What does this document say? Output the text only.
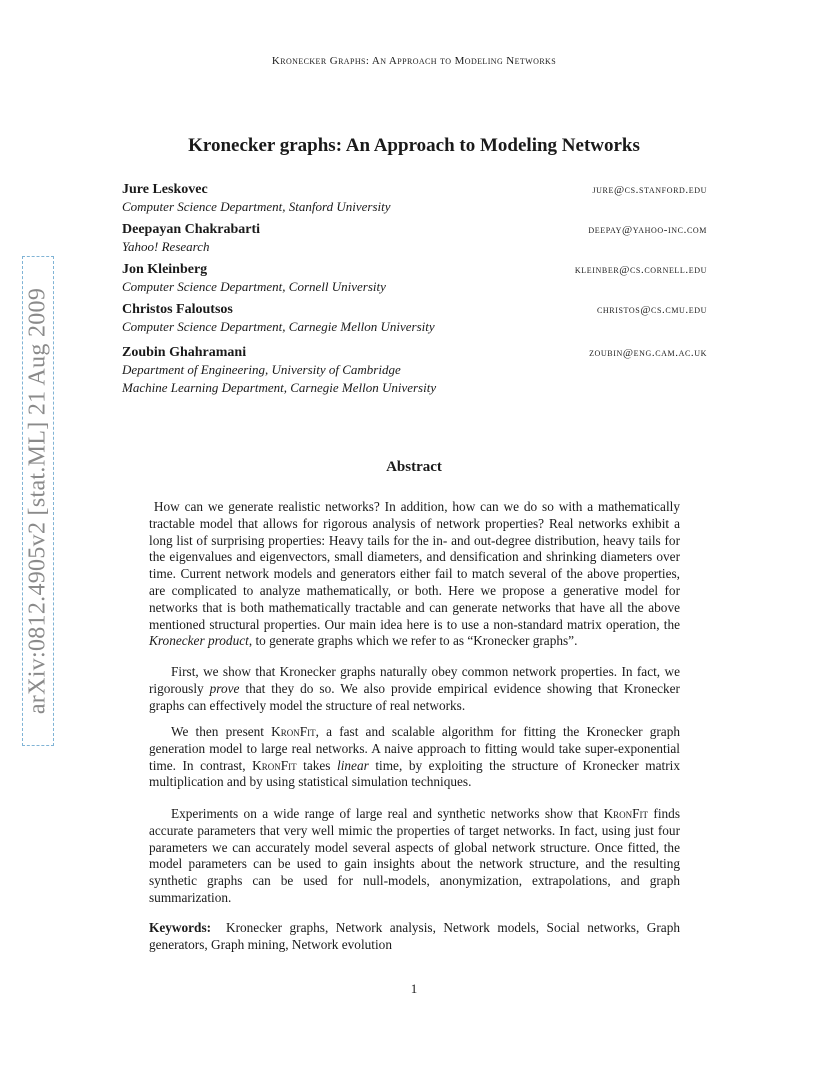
Kronecker Graphs: An Approach to Modeling Networks
arXiv:0812.4905v2 [stat.ML] 21 Aug 2009
Kronecker graphs: An Approach to Modeling Networks
Jure Leskovec	jure@cs.stanford.edu
Computer Science Department, Stanford University
Deepayan Chakrabarti	deepay@yahoo-inc.com
Yahoo! Research
Jon Kleinberg	kleinber@cs.cornell.edu
Computer Science Department, Cornell University
Christos Faloutsos	christos@cs.cmu.edu
Computer Science Department, Carnegie Mellon University
Zoubin Ghahramani	zoubin@eng.cam.ac.uk
Department of Engineering, University of Cambridge
Machine Learning Department, Carnegie Mellon University
Abstract

How can we generate realistic networks? In addition, how can we do so with a mathematically tractable model that allows for rigorous analysis of network properties? Real networks exhibit a long list of surprising properties: Heavy tails for the in- and out-degree distribution, heavy tails for the eigenvalues and eigenvectors, small diameters, and densification and shrinking diameters over time. Current network models and generators either fail to match several of the above properties, are complicated to analyze mathematically, or both. Here we propose a generative model for networks that is both mathematically tractable and can generate networks that have all the above mentioned structural properties. Our main idea here is to use a non-standard matrix operation, the Kronecker product, to generate graphs which we refer to as “Kronecker graphs”.

First, we show that Kronecker graphs naturally obey common network properties. In fact, we rigorously prove that they do so. We also provide empirical evidence showing that Kronecker graphs can effectively model the structure of real networks.

We then present KronFit, a fast and scalable algorithm for fitting the Kronecker graph generation model to large real networks. A naive approach to fitting would take super-exponential time. In contrast, KronFit takes linear time, by exploiting the structure of Kronecker matrix multiplication and by using statistical simulation techniques.

Experiments on a wide range of large real and synthetic networks show that KronFit finds accurate parameters that very well mimic the properties of target networks. In fact, using just four parameters we can accurately model several aspects of global network structure. Once fitted, the model parameters can be used to gain insights about the network structure, and the resulting synthetic graphs can be used for null-models, anonymization, extrapolations, and graph summarization.

Keywords: Kronecker graphs, Network analysis, Network models, Social networks, Graph generators, Graph mining, Network evolution

1
